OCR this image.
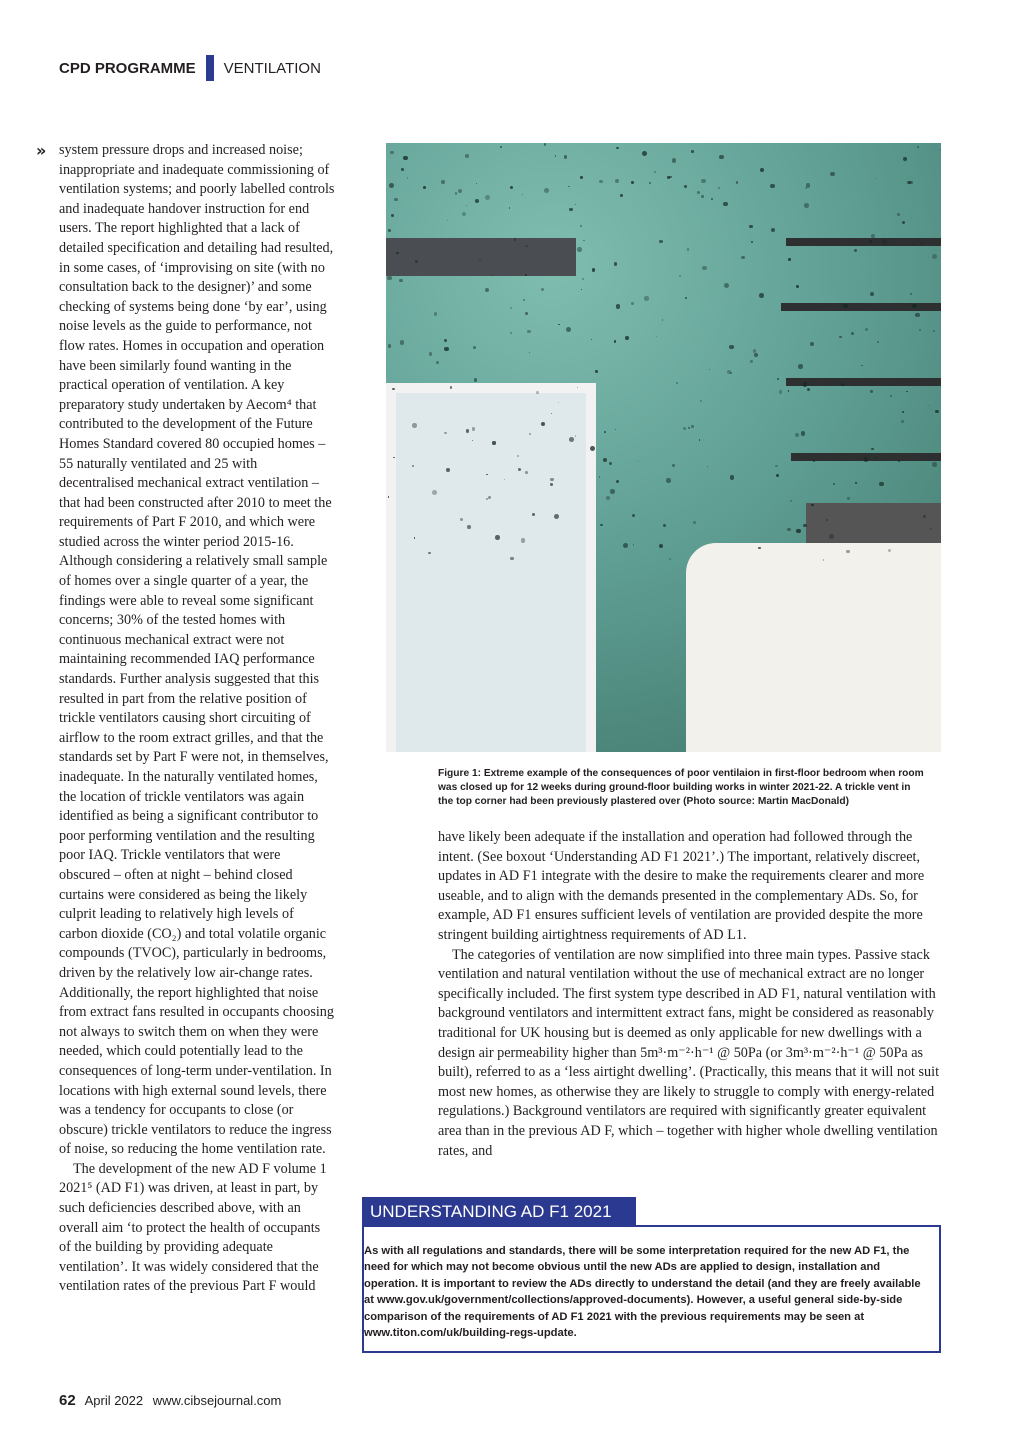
CPD PROGRAMME VENTILATION
» system pressure drops and increased noise; inappropriate and inadequate commissioning of ventilation systems; and poorly labelled controls and inadequate handover instruction for end users. The report highlighted that a lack of detailed specification and detailing had resulted, in some cases, of ‘improvising on site (with no consultation back to the designer)’ and some checking of systems being done ‘by ear’, using noise levels as the guide to performance, not flow rates. Homes in occupation and operation have been similarly found wanting in the practical operation of ventilation. A key preparatory study undertaken by Aecom⁴ that contributed to the development of the Future Homes Standard covered 80 occupied homes – 55 naturally ventilated and 25 with decentralised mechanical extract ventilation – that had been constructed after 2010 to meet the requirements of Part F 2010, and which were studied across the winter period 2015-16. Although considering a relatively small sample of homes over a single quarter of a year, the findings were able to reveal some significant concerns; 30% of the tested homes with continuous mechanical extract were not maintaining recommended IAQ performance standards. Further analysis suggested that this resulted in part from the relative position of trickle ventilators causing short circuiting of airflow to the room extract grilles, and that the standards set by Part F were not, in themselves, inadequate. In the naturally ventilated homes, the location of trickle ventilators was again identified as being a significant contributor to poor performing ventilation and the resulting poor IAQ. Trickle ventilators that were obscured – often at night – behind closed curtains were considered as being the likely culprit leading to relatively high levels of carbon dioxide (CO₂) and total volatile organic compounds (TVOC), particularly in bedrooms, driven by the relatively low air-change rates. Additionally, the report highlighted that noise from extract fans resulted in occupants choosing not always to switch them on when they were needed, which could potentially lead to the consequences of long-term under-ventilation. In locations with high external sound levels, there was a tendency for occupants to close (or obscure) trickle ventilators to reduce the ingress of noise, so reducing the home ventilation rate.

The development of the new AD F volume 1 2021⁵ (AD F1) was driven, at least in part, by such deficiencies described above, with an overall aim ‘to protect the health of occupants of the building by providing adequate ventilation’. It was widely considered that the ventilation rates of the previous Part F would

Figure 1: Extreme example of the consequences of poor ventilaion in first-floor bedroom when room was closed up for 12 weeks during ground-floor building works in winter 2021-22. A trickle vent in the top corner had been previously plastered over (Photo source: Martin MacDonald)

have likely been adequate if the installation and operation had followed through the intent. (See boxout ‘Understanding AD F1 2021’.) The important, relatively discreet, updates in AD F1 integrate with the desire to make the requirements clearer and more useable, and to align with the demands presented in the complementary ADs. So, for example, AD F1 ensures sufficient levels of ventilation are provided despite the more stringent building airtightness requirements of AD L1.

The categories of ventilation are now simplified into three main types. Passive stack ventilation and natural ventilation without the use of mechanical extract are no longer specifically included. The first system type described in AD F1, natural ventilation with background ventilators and intermittent extract fans, might be considered as reasonably traditional for UK housing but is deemed as only applicable for new dwellings with a design air permeability higher than 5m³·m⁻²·h⁻¹ @ 50Pa (or 3m³·m⁻²·h⁻¹ @ 50Pa as built), referred to as a ‘less airtight dwelling’. (Practically, this means that it will not suit most new homes, as otherwise they are likely to struggle to comply with energy-related regulations.) Background ventilators are required with significantly greater equivalent area than in the previous AD F, which – together with higher whole dwelling ventilation rates, and

UNDERSTANDING AD F1 2021

As with all regulations and standards, there will be some interpretation required for the new AD F1, the need for which may not become obvious until the new ADs are applied to design, installation and operation. It is important to review the ADs directly to understand the detail (and they are freely available at www.gov.uk/government/collections/approved-documents). However, a useful general side-by-side comparison of the requirements of AD F1 2021 with the previous requirements may be seen at www.titon.com/uk/building-regs-update.

62 April 2022 www.cibsejournal.com
